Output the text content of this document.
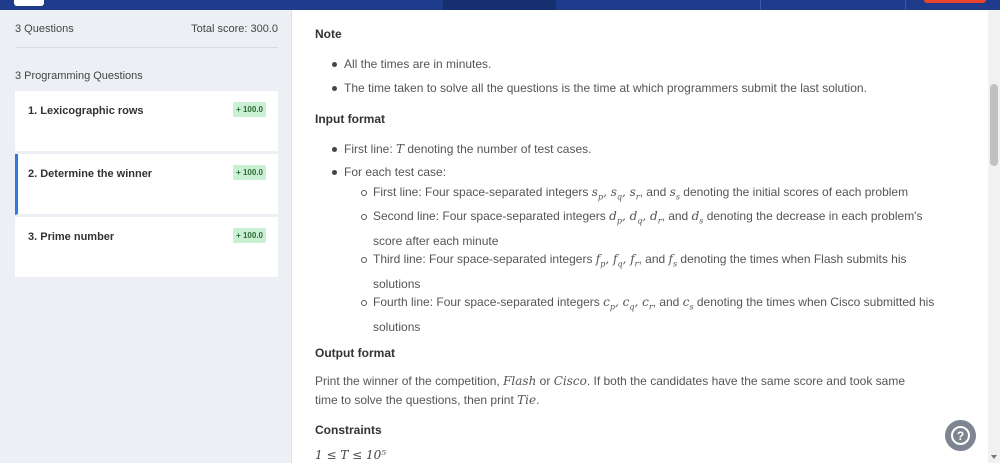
3 Questions	Total score: 300.0
3 Programming Questions
1. Lexicographic rows	+ 100.0
2. Determine the winner	+ 100.0
3. Prime number	+ 100.0
Note
All the times are in minutes.
The time taken to solve all the questions is the time at which programmers submit the last solution.
Input format
First line: T denoting the number of test cases.
For each test case:
First line: Four space-separated integers $s_p$, $s_q$, $s_r$, and $s_s$ denoting the initial scores of each problem
Second line: Four space-separated integers $d_p$, $d_q$, $d_r$, and $d_s$ denoting the decrease in each problem's
score after each minute
Third line: Four space-separated integers $f_p$, $f_q$, $f_r$, and $f_s$ denoting the times when Flash submits his
solutions
Fourth line: Four space-separated integers $c_p$, $c_q$, $c_r$, and $c_s$ denoting the times when Cisco submitted his
solutions
Output format
Print the winner of the competition, Flash or Cisco. If both the candidates have the same score and took same
time to solve the questions, then print Tie.
Constraints
1 ≤ T ≤ 10⁵
?
